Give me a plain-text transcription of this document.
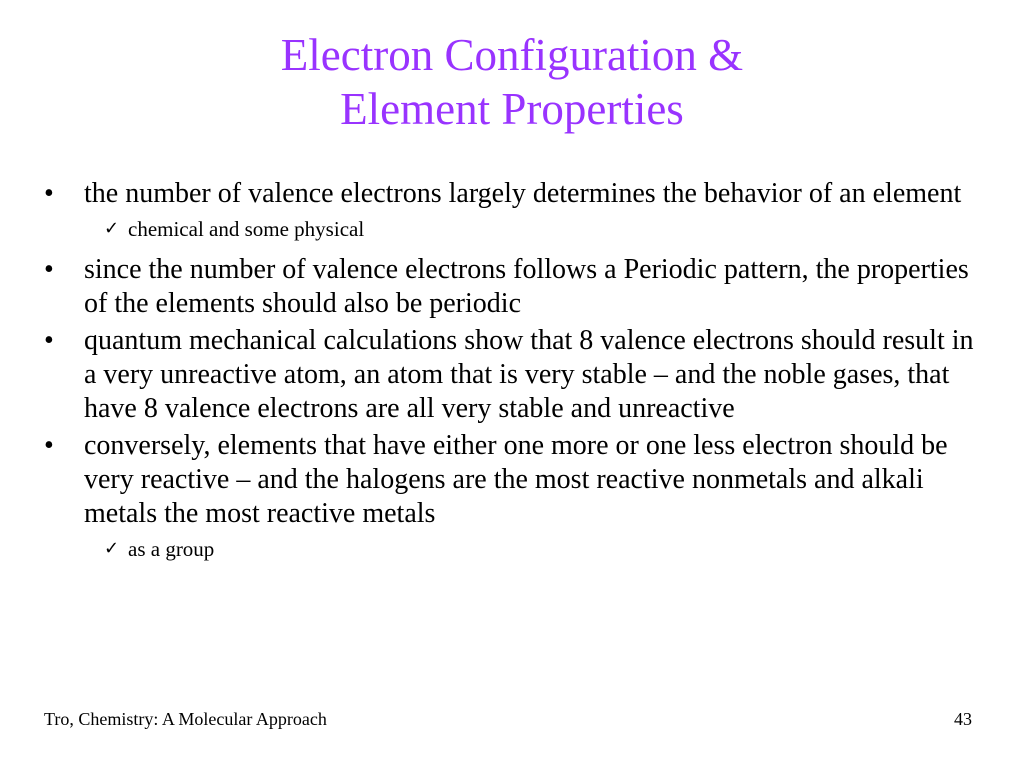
Electron Configuration &
Element Properties
• the number of valence electrons largely determines the behavior of an element
✓ chemical and some physical
• since the number of valence electrons follows a Periodic pattern, the properties of the elements should also be periodic
• quantum mechanical calculations show that 8 valence electrons should result in a very unreactive atom, an atom that is very stable – and the noble gases, that have 8 valence electrons are all very stable and unreactive
• conversely, elements that have either one more or one less electron should be very reactive – and the halogens are the most reactive nonmetals and alkali metals the most reactive metals
✓ as a group
Tro, Chemistry: A Molecular Approach	43
